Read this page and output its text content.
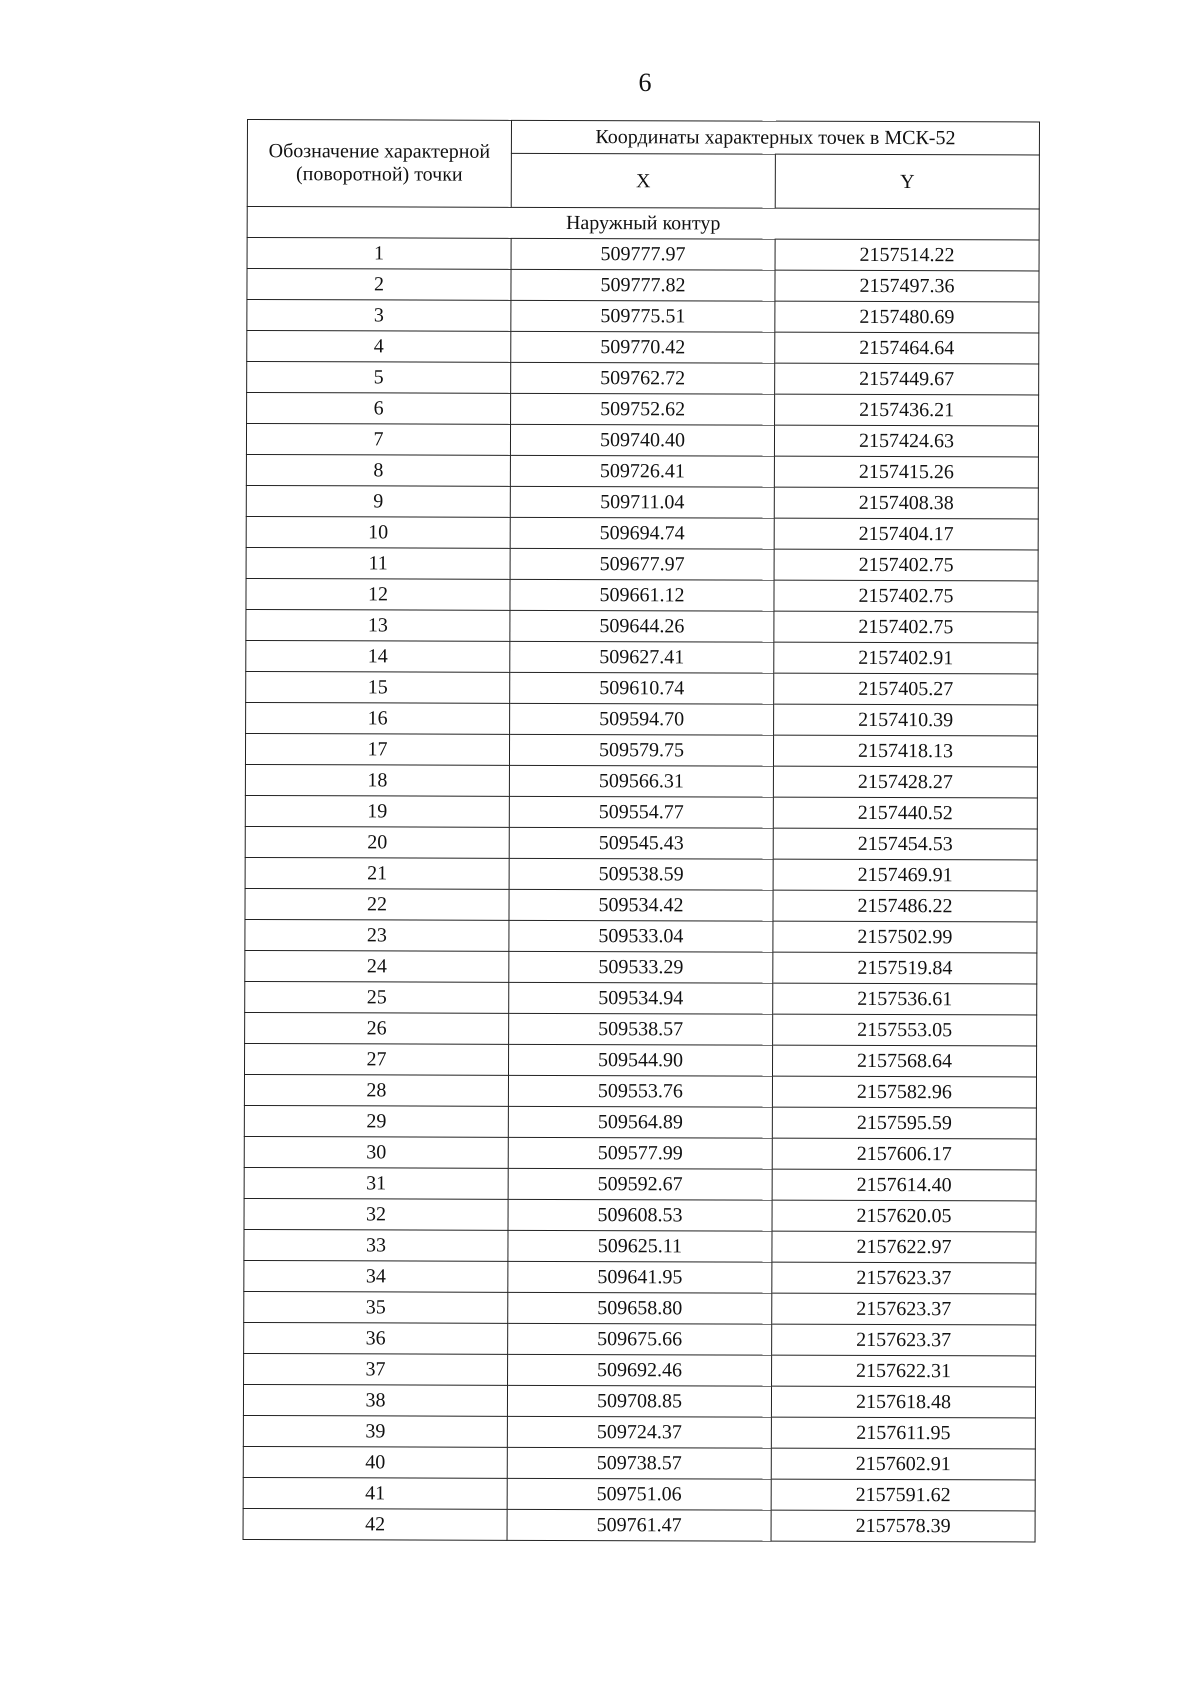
6
Обозначение характерной (поворотной) точки	Координаты характерных точек в МСК-52	
	X	Y
Наружный контур		
1	509777.97	2157514.22
2	509777.82	2157497.36
3	509775.51	2157480.69
4	509770.42	2157464.64
5	509762.72	2157449.67
6	509752.62	2157436.21
7	509740.40	2157424.63
8	509726.41	2157415.26
9	509711.04	2157408.38
10	509694.74	2157404.17
11	509677.97	2157402.75
12	509661.12	2157402.75
13	509644.26	2157402.75
14	509627.41	2157402.91
15	509610.74	2157405.27
16	509594.70	2157410.39
17	509579.75	2157418.13
18	509566.31	2157428.27
19	509554.77	2157440.52
20	509545.43	2157454.53
21	509538.59	2157469.91
22	509534.42	2157486.22
23	509533.04	2157502.99
24	509533.29	2157519.84
25	509534.94	2157536.61
26	509538.57	2157553.05
27	509544.90	2157568.64
28	509553.76	2157582.96
29	509564.89	2157595.59
30	509577.99	2157606.17
31	509592.67	2157614.40
32	509608.53	2157620.05
33	509625.11	2157622.97
34	509641.95	2157623.37
35	509658.80	2157623.37
36	509675.66	2157623.37
37	509692.46	2157622.31
38	509708.85	2157618.48
39	509724.37	2157611.95
40	509738.57	2157602.91
41	509751.06	2157591.62
42	509761.47	2157578.39
